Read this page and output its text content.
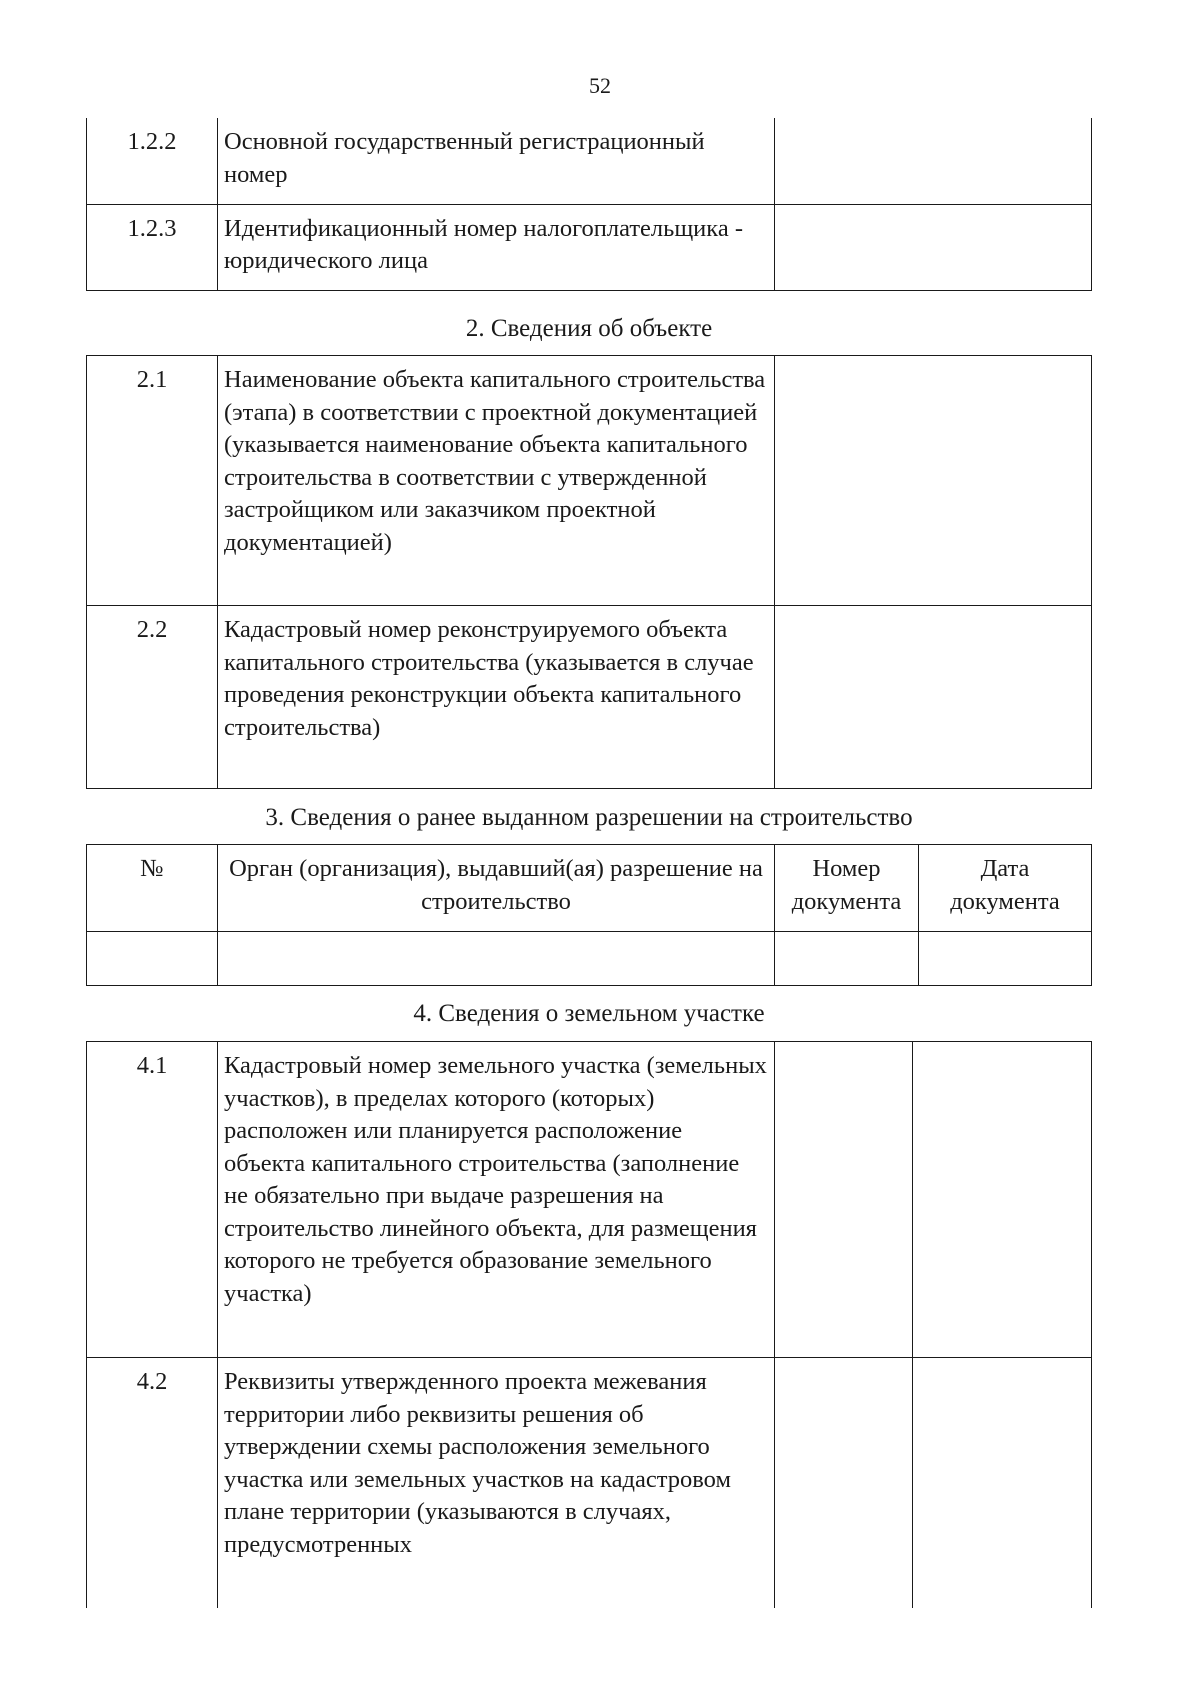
52
1.2.2	Основной государственный регистрационный номер	
1.2.3	Идентификационный номер налогоплательщика - юридического лица	
2. Сведения об объекте
2.1	Наименование объекта капитального строительства (этапа) в соответствии с проектной документацией (указывается наименование объекта капитального строительства в соответствии с утвержденной застройщиком или заказчиком проектной документацией)	
2.2	Кадастровый номер реконструируемого объекта капитального строительства (указывается в случае проведения реконструкции объекта капитального строительства)	
3. Сведения о ранее выданном разрешении на строительство
№	Орган (организация), выдавший(ая) разрешение на строительство	Номер документа	Дата документа

4. Сведения о земельном участке
4.1	Кадастровый номер земельного участка (земельных участков), в пределах которого (которых) расположен или планируется расположение объекта капитального строительства (заполнение не обязательно при выдаче разрешения на строительство линейного объекта, для размещения которого не требуется образование земельного участка)		
4.2	Реквизиты утвержденного проекта межевания территории либо реквизиты решения об утверждении схемы расположения земельного участка или земельных участков на кадастровом плане территории (указываются в случаях, предусмотренных		
